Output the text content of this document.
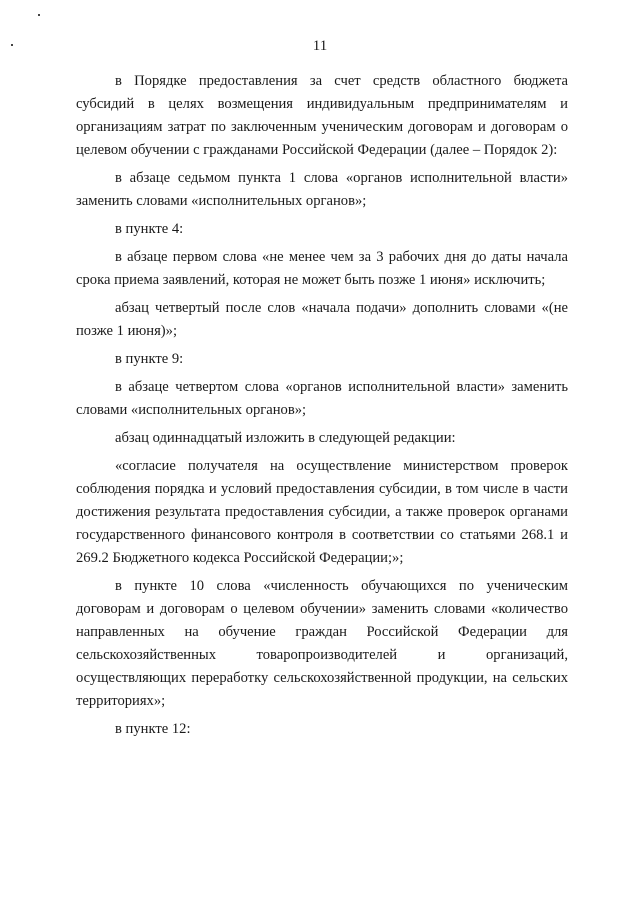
11

в Порядке предоставления за счет средств областного бюджета субсидий в целях возмещения индивидуальным предпринимателям и организациям затрат по заключенным ученическим договорам и договорам о целевом обучении с гражданами Российской Федерации (далее – Порядок 2):

в абзаце седьмом пункта 1 слова «органов исполнительной власти» заменить словами «исполнительных органов»;

в пункте 4:

в абзаце первом слова «не менее чем за 3 рабочих дня до даты начала срока приема заявлений, которая не может быть позже 1 июня» исключить;

абзац четвертый после слов «начала подачи» дополнить словами «(не позже 1 июня)»;

в пункте 9:

в абзаце четвертом слова «органов исполнительной власти» заменить словами «исполнительных органов»;

абзац одиннадцатый изложить в следующей редакции:

«согласие получателя на осуществление министерством проверок соблюдения порядка и условий предоставления субсидии, в том числе в части достижения результата предоставления субсидии, а также проверок органами государственного финансового контроля в соответствии со статьями 268.1 и 269.2 Бюджетного кодекса Российской Федерации;»;

в пункте 10 слова «численность обучающихся по ученическим договорам и договорам о целевом обучении» заменить словами «количество направленных на обучение граждан Российской Федерации для сельскохозяйственных товаропроизводителей и организаций, осуществляющих переработку сельскохозяйственной продукции, на сельских территориях»;

в пункте 12:
